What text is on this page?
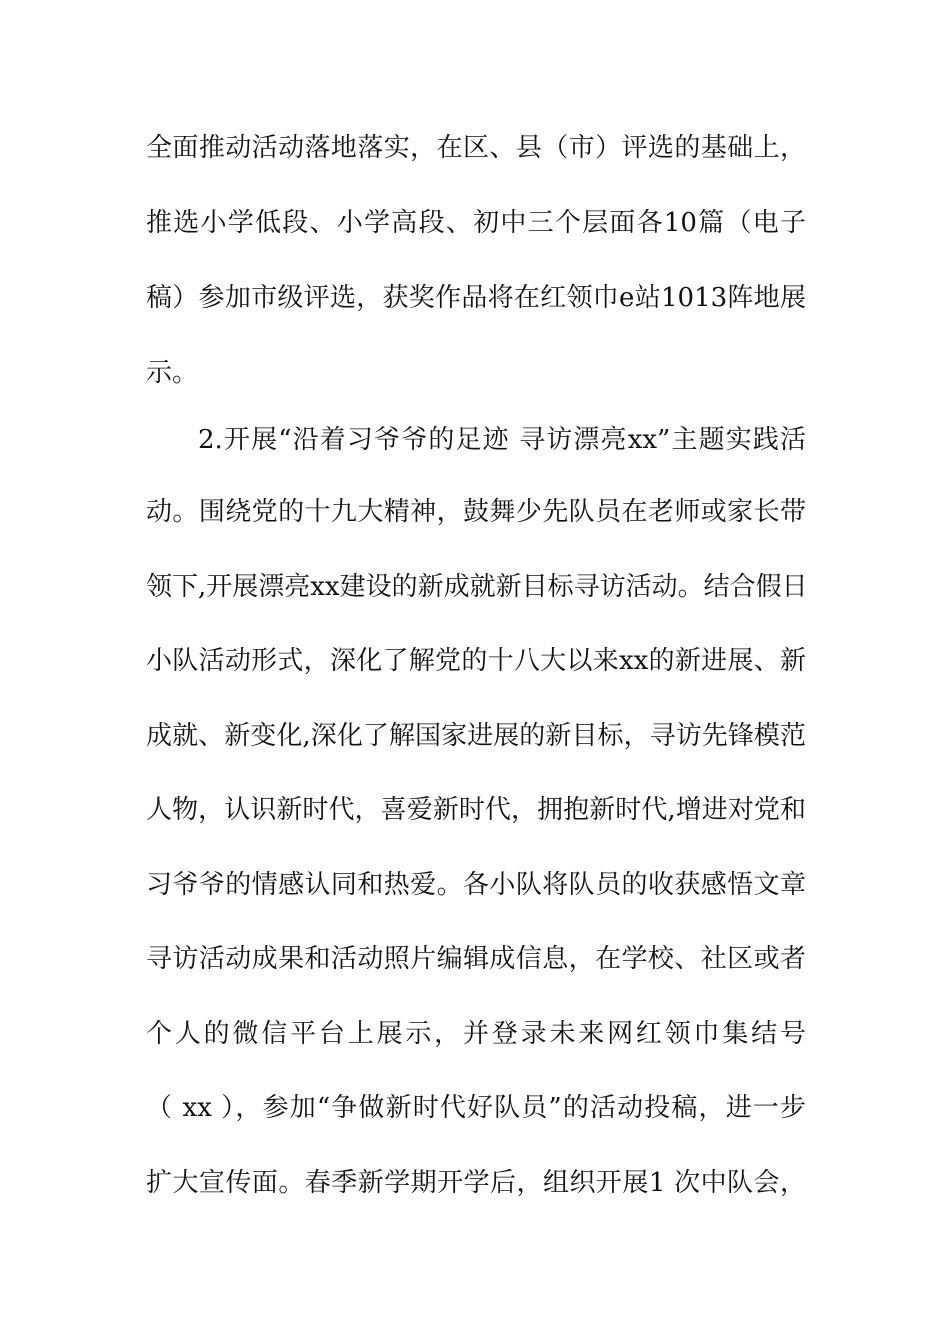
全面推动活动落地落实，在区、县（市）评选的基础上，
推选小学低段、小学高段、初中三个层面各10篇（电子
稿）参加市级评选，获奖作品将在红领巾e站1013阵地展
示。
2.开展“沿着习爷爷的足迹 寻访漂亮xx”主题实践活
动。围绕党的十九大精神，鼓舞少先队员在老师或家长带
领下,开展漂亮xx建设的新成就新目标寻访活动。结合假日
小队活动形式，深化了解党的十八大以来xx的新进展、新
成就、新变化,深化了解国家进展的新目标，寻访先锋模范
人物，认识新时代，喜爱新时代，拥抱新时代,增进对党和
习爷爷的情感认同和热爱。各小队将队员的收获感悟文章
寻访活动成果和活动照片编辑成信息，在学校、社区或者
个人的微信平台上展示，并登录未来网红领巾集结号
（ xx ），参加“争做新时代好队员”的活动投稿，进一步
扩大宣传面。春季新学期开学后，组织开展1 次中队会，
